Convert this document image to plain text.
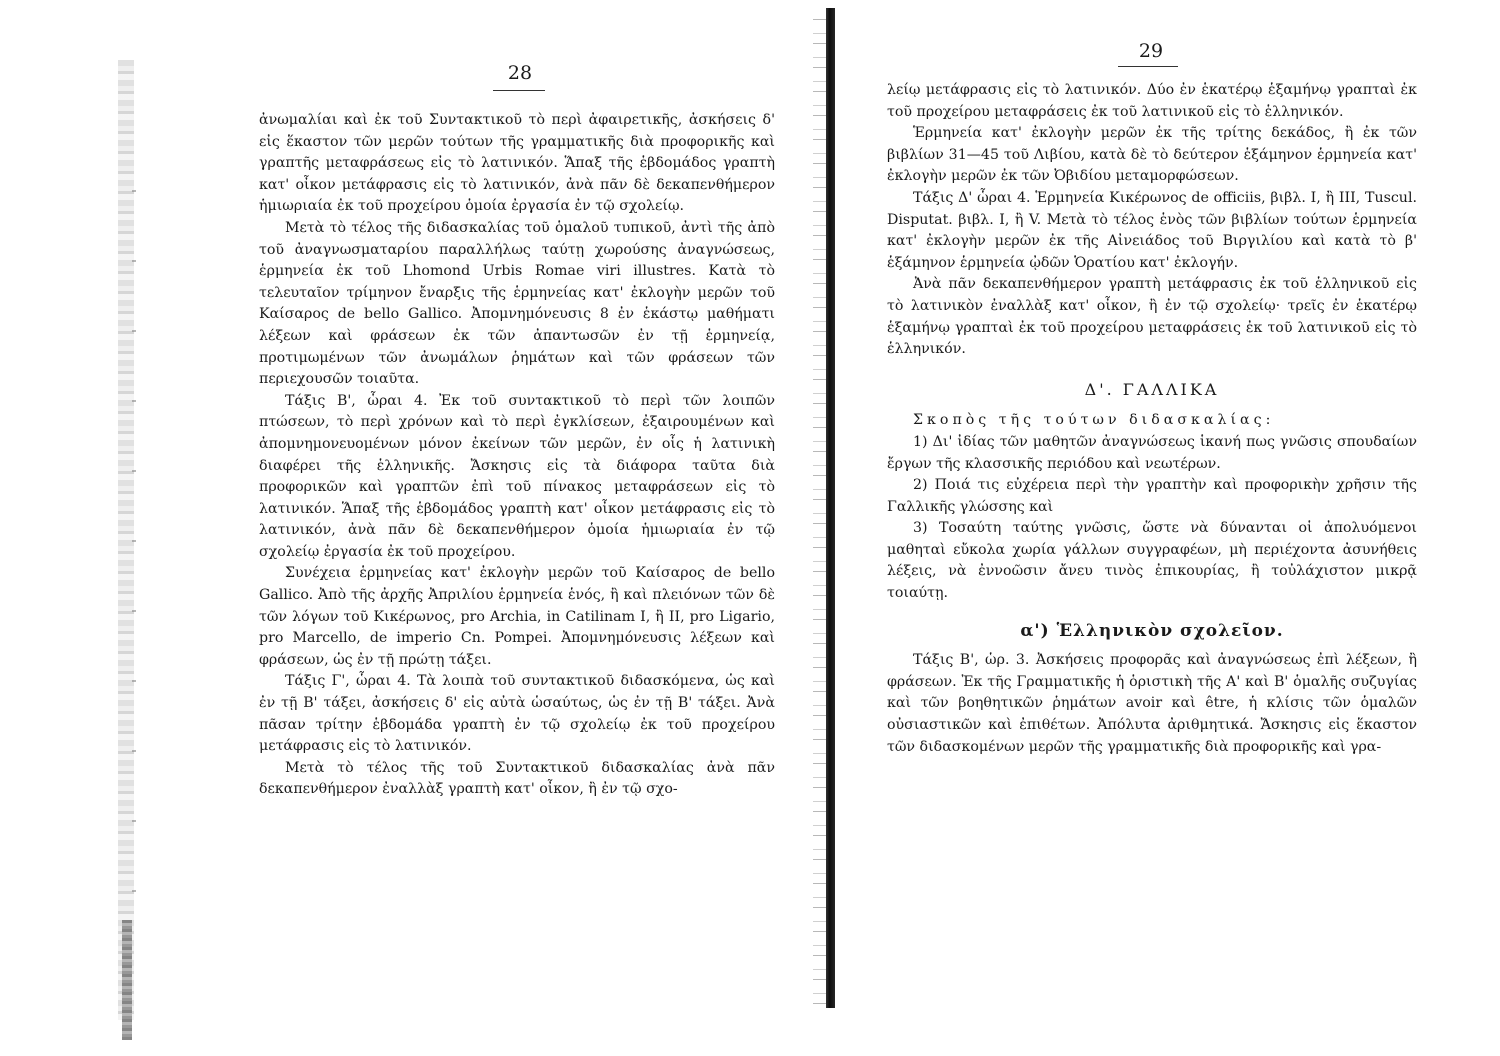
28

ἀνωμαλίαι καὶ ἐκ τοῦ Συντακτικοῦ τὸ περὶ ἀφαιρετικῆς, ἀσκήσεις δ' εἰς ἕκαστον τῶν μερῶν τούτων τῆς γραμματικῆς διὰ προφορικῆς καὶ γραπτῆς μεταφράσεως εἰς τὸ λατινικόν. Ἅπαξ τῆς ἑβδομάδος γραπτὴ κατ' οἶκον μετάφρασις εἰς τὸ λατινικόν, ἀνὰ πᾶν δὲ δεκαπενθήμερον ἡμιωριαία ἐκ τοῦ προχείρου ὁμοία ἐργασία ἐν τῷ σχολείῳ.

Μετὰ τὸ τέλος τῆς διδασκαλίας τοῦ ὁμαλοῦ τυπικοῦ, ἀντὶ τῆς ἀπὸ τοῦ ἀναγνωσματαρίου παραλλήλως ταύτῃ χωρούσης ἀναγνώσεως, ἑρμηνεία ἐκ τοῦ Lhomond Urbis Romae viri illustres. Κατὰ τὸ τελευταῖον τρίμηνον ἔναρξις τῆς ἑρμηνείας κατ' ἐκλογὴν μερῶν τοῦ Καίσαρος de bello Gallico. Ἀπομνημόνευσις 8 ἐν ἑκάστῳ μαθήματι λέξεων καὶ φράσεων ἐκ τῶν ἀπαντωσῶν ἐν τῇ ἑρμηνείᾳ, προτιμωμένων τῶν ἀνωμάλων ῥημάτων καὶ τῶν φράσεων τῶν περιεχουσῶν τοιαῦτα.

Τάξις Β', ὧραι 4. Ἐκ τοῦ συντακτικοῦ τὸ περὶ τῶν λοιπῶν πτώσεων, τὸ περὶ χρόνων καὶ τὸ περὶ ἐγκλίσεων, ἐξαιρουμένων καὶ ἀπομνημονευομένων μόνον ἐκείνων τῶν μερῶν, ἐν οἷς ἡ λατινικὴ διαφέρει τῆς ἑλληνικῆς. Ἄσκησις εἰς τὰ διάφορα ταῦτα διὰ προφορικῶν καὶ γραπτῶν ἐπὶ τοῦ πίνακος μεταφράσεων εἰς τὸ λατινικόν. Ἅπαξ τῆς ἑβδομάδος γραπτὴ κατ' οἶκον μετάφρασις εἰς τὸ λατινικόν, ἀνὰ πᾶν δὲ δεκαπενθήμερον ὁμοία ἡμιωριαία ἐν τῷ σχολείῳ ἐργασία ἐκ τοῦ προχείρου.

Συνέχεια ἑρμηνείας κατ' ἐκλογὴν μερῶν τοῦ Καίσαρος de bello Gallico. Ἀπὸ τῆς ἀρχῆς Ἀπριλίου ἑρμηνεία ἑνός, ἢ καὶ πλειόνων τῶν δὲ τῶν λόγων τοῦ Κικέρωνος, pro Archia, in Catilinam I, ἢ II, pro Ligario, pro Marcello, de imperio Cn. Pompei. Ἀπομνημόνευσις λέξεων καὶ φράσεων, ὡς ἐν τῇ πρώτῃ τάξει.

Τάξις Γ', ὧραι 4. Τὰ λοιπὰ τοῦ συντακτικοῦ διδασκόμενα, ὡς καὶ ἐν τῇ Β' τάξει, ἀσκήσεις δ' εἰς αὐτὰ ὡσαύτως, ὡς ἐν τῇ Β' τάξει. Ἀνὰ πᾶσαν τρίτην ἑβδομάδα γραπτὴ ἐν τῷ σχολείῳ ἐκ τοῦ προχείρου μετάφρασις εἰς τὸ λατινικόν.

Μετὰ τὸ τέλος τῆς τοῦ Συντακτικοῦ διδασκαλίας ἀνὰ πᾶν δεκαπενθήμερον ἐναλλὰξ γραπτὴ κατ' οἶκον, ἢ ἐν τῷ σχο-

29

λείῳ μετάφρασις εἰς τὸ λατινικόν. Δύο ἐν ἑκατέρῳ ἑξαμήνῳ γραπταὶ ἐκ τοῦ προχείρου μεταφράσεις ἐκ τοῦ λατινικοῦ εἰς τὸ ἑλληνικόν.

Ἑρμηνεία κατ' ἐκλογὴν μερῶν ἐκ τῆς τρίτης δεκάδος, ἢ ἐκ τῶν βιβλίων 31—45 τοῦ Λιβίου, κατὰ δὲ τὸ δεύτερον ἑξάμηνον ἑρμηνεία κατ' ἐκλογὴν μερῶν ἐκ τῶν Ὀβιδίου μεταμορφώσεων.

Τάξις Δ' ὧραι 4. Ἑρμηνεία Κικέρωνος de officiis, βιβλ. I, ἢ III, Tuscul. Disputat. βιβλ. I, ἢ V. Μετὰ τὸ τέλος ἑνὸς τῶν βιβλίων τούτων ἑρμηνεία κατ' ἐκλογὴν μερῶν ἐκ τῆς Αἰνειάδος τοῦ Βιργιλίου καὶ κατὰ τὸ β' ἑξάμηνον ἑρμηνεία ᾠδῶν Ὁρατίου κατ' ἐκλογήν.

Ἀνὰ πᾶν δεκαπενθήμερον γραπτὴ μετάφρασις ἐκ τοῦ ἑλληνικοῦ εἰς τὸ λατινικὸν ἐναλλὰξ κατ' οἶκον, ἢ ἐν τῷ σχολείῳ· τρεῖς ἐν ἑκατέρῳ ἑξαμήνῳ γραπταὶ ἐκ τοῦ προχείρου μεταφράσεις ἐκ τοῦ λατινικοῦ εἰς τὸ ἑλληνικόν.

Δ'. ΓΑΛΛΙΚΑ

Σκοπὸς τῆς τούτων διδασκαλίας:

1) Δι' ἰδίας τῶν μαθητῶν ἀναγνώσεως ἱκανή πως γνῶσις σπουδαίων ἔργων τῆς κλασσικῆς περιόδου καὶ νεωτέρων.

2) Ποιά τις εὐχέρεια περὶ τὴν γραπτὴν καὶ προφορικὴν χρῆσιν τῆς Γαλλικῆς γλώσσης καὶ

3) Τοσαύτη ταύτης γνῶσις, ὥστε νὰ δύνανται οἱ ἀπολυόμενοι μαθηταὶ εὔκολα χωρία γάλλων συγγραφέων, μὴ περιέχοντα ἀσυνήθεις λέξεις, νὰ ἐννοῶσιν ἄνευ τινὸς ἐπικουρίας, ἢ τοὐλάχιστον μικρᾷ τοιαύτῃ.

α') Ἑλληνικὸν σχολεῖον.

Τάξις Β', ὡρ. 3. Ἀσκήσεις προφορᾶς καὶ ἀναγνώσεως ἐπὶ λέξεων, ἢ φράσεων. Ἐκ τῆς Γραμματικῆς ἡ ὁριστικὴ τῆς Α' καὶ Β' ὁμαλῆς συζυγίας καὶ τῶν βοηθητικῶν ῥημάτων avoir καὶ être, ἡ κλίσις τῶν ὁμαλῶν οὐσιαστικῶν καὶ ἐπιθέτων. Ἀπόλυτα ἀριθμητικά. Ἄσκησις εἰς ἕκαστον τῶν διδασκομένων μερῶν τῆς γραμματικῆς διὰ προφορικῆς καὶ γρα-
